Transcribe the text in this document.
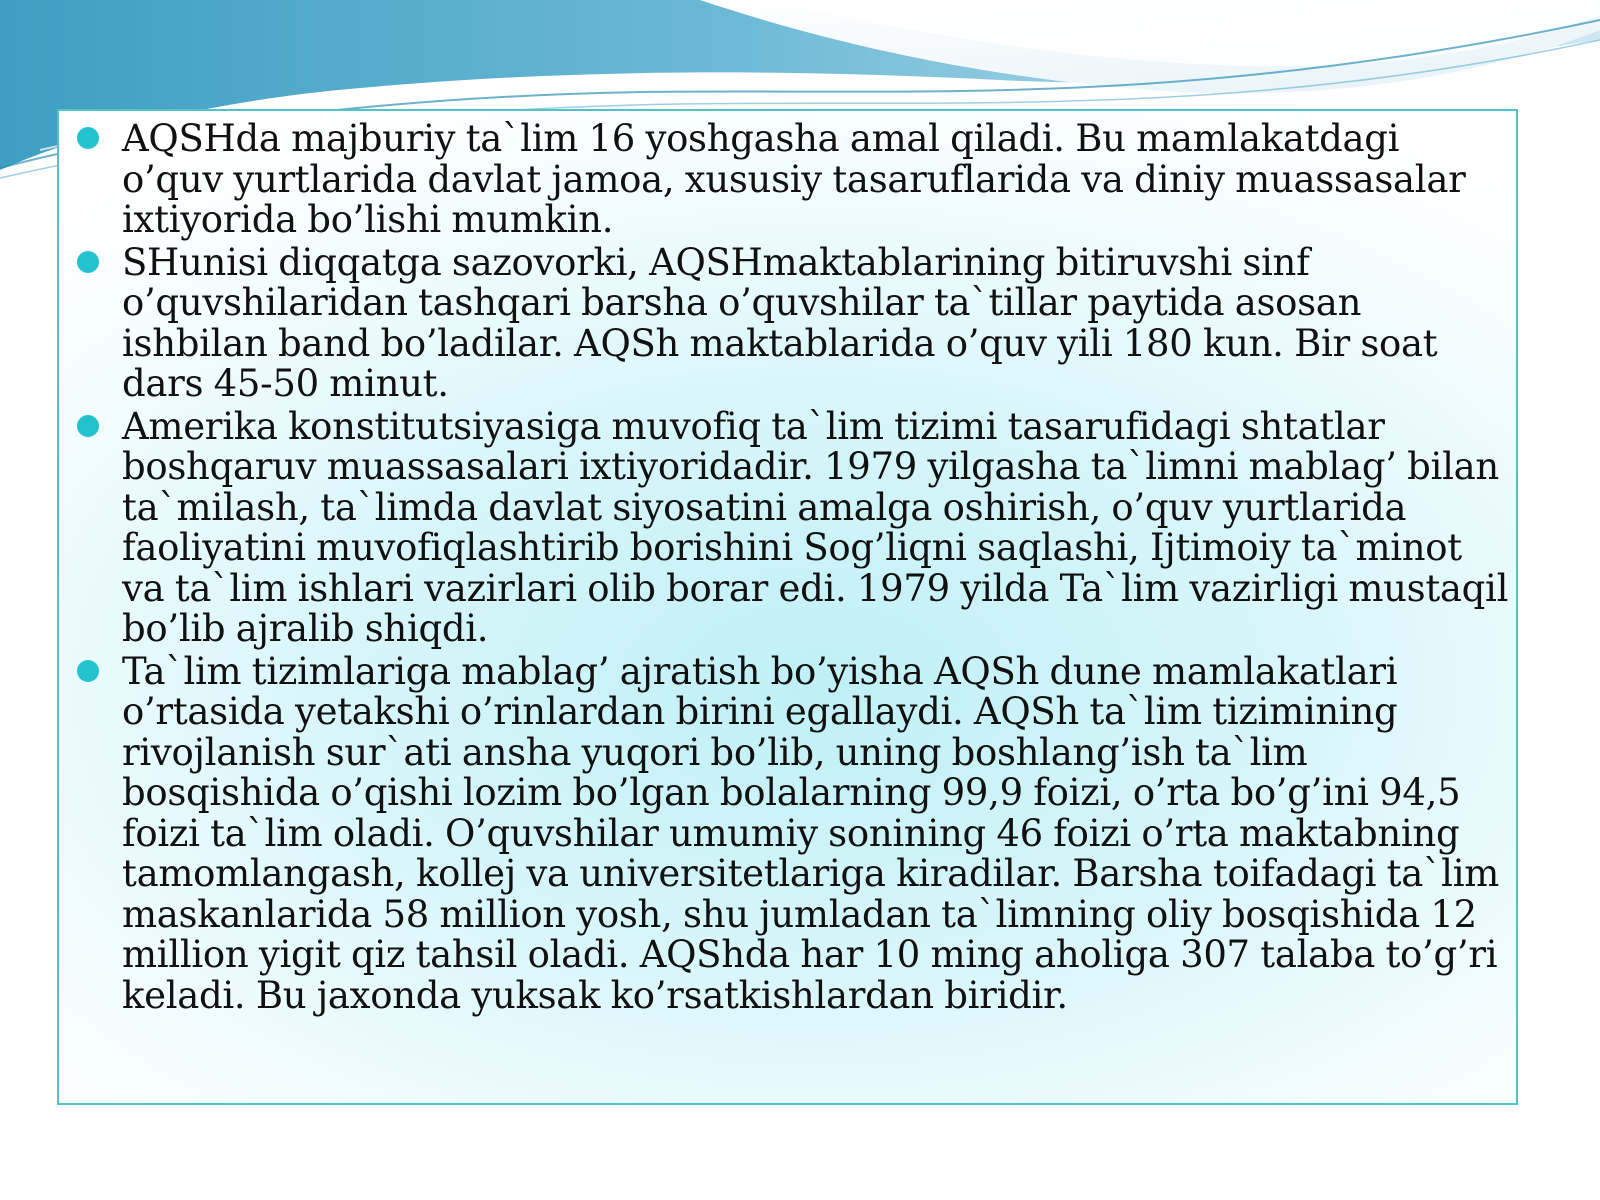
AQSHda majburiy ta`lim 16 yoshgasha amal qiladi. Bu mamlakatdagi o’quv yurtlarida davlat jamoa, xususiy tasaruflarida va diniy muassasalar ixtiyorida bo’lishi mumkin.
SHunisi diqqatga sazovorki, AQSHmaktablarining bitiruvshi sinf o’quvshilaridan tashqari barsha o’quvshilar ta`tillar paytida asosan ishbilan band bo’ladilar. AQSh maktablarida o’quv yili 180 kun. Bir soat dars 45-50 minut.
Amerika konstitutsiyasiga muvofiq ta`lim tizimi tasarufidagi shtatlar boshqaruv muassasalari ixtiyoridadir. 1979 yilgasha ta`limni mablag’ bilan ta`milash, ta`limda davlat siyosatini amalga oshirish, o’quv yurtlarida faoliyatini muvofiqlashtirib borishini Sog’liqni saqlashi, Ijtimoiy ta`minot va ta`lim ishlari vazirlari olib borar edi. 1979 yilda Ta`lim vazirligi mustaqil bo’lib ajralib shiqdi.
Ta`lim tizimlariga mablag’ ajratish bo’yisha AQSh dune mamlakatlari o’rtasida yetakshi o’rinlardan birini egallaydi. AQSh ta`lim tizimining rivojlanish sur`ati ansha yuqori bo’lib, uning boshlang’ish ta`lim bosqishida o’qishi lozim bo’lgan bolalarning 99,9 foizi, o’rta bo’g’ini 94,5 foizi ta`lim oladi. O’quvshilar umumiy sonining 46 foizi o’rta maktabning tamomlangash, kollej va universitetlariga kiradilar. Barsha toifadagi ta`lim maskanlarida 58 million yosh, shu jumladan ta`limning oliy bosqishida 12 million yigit qiz tahsil oladi. AQShda har 10 ming aholiga 307 talaba to’g’ri keladi. Bu jaxonda yuksak ko’rsatkishlardan biridir.
